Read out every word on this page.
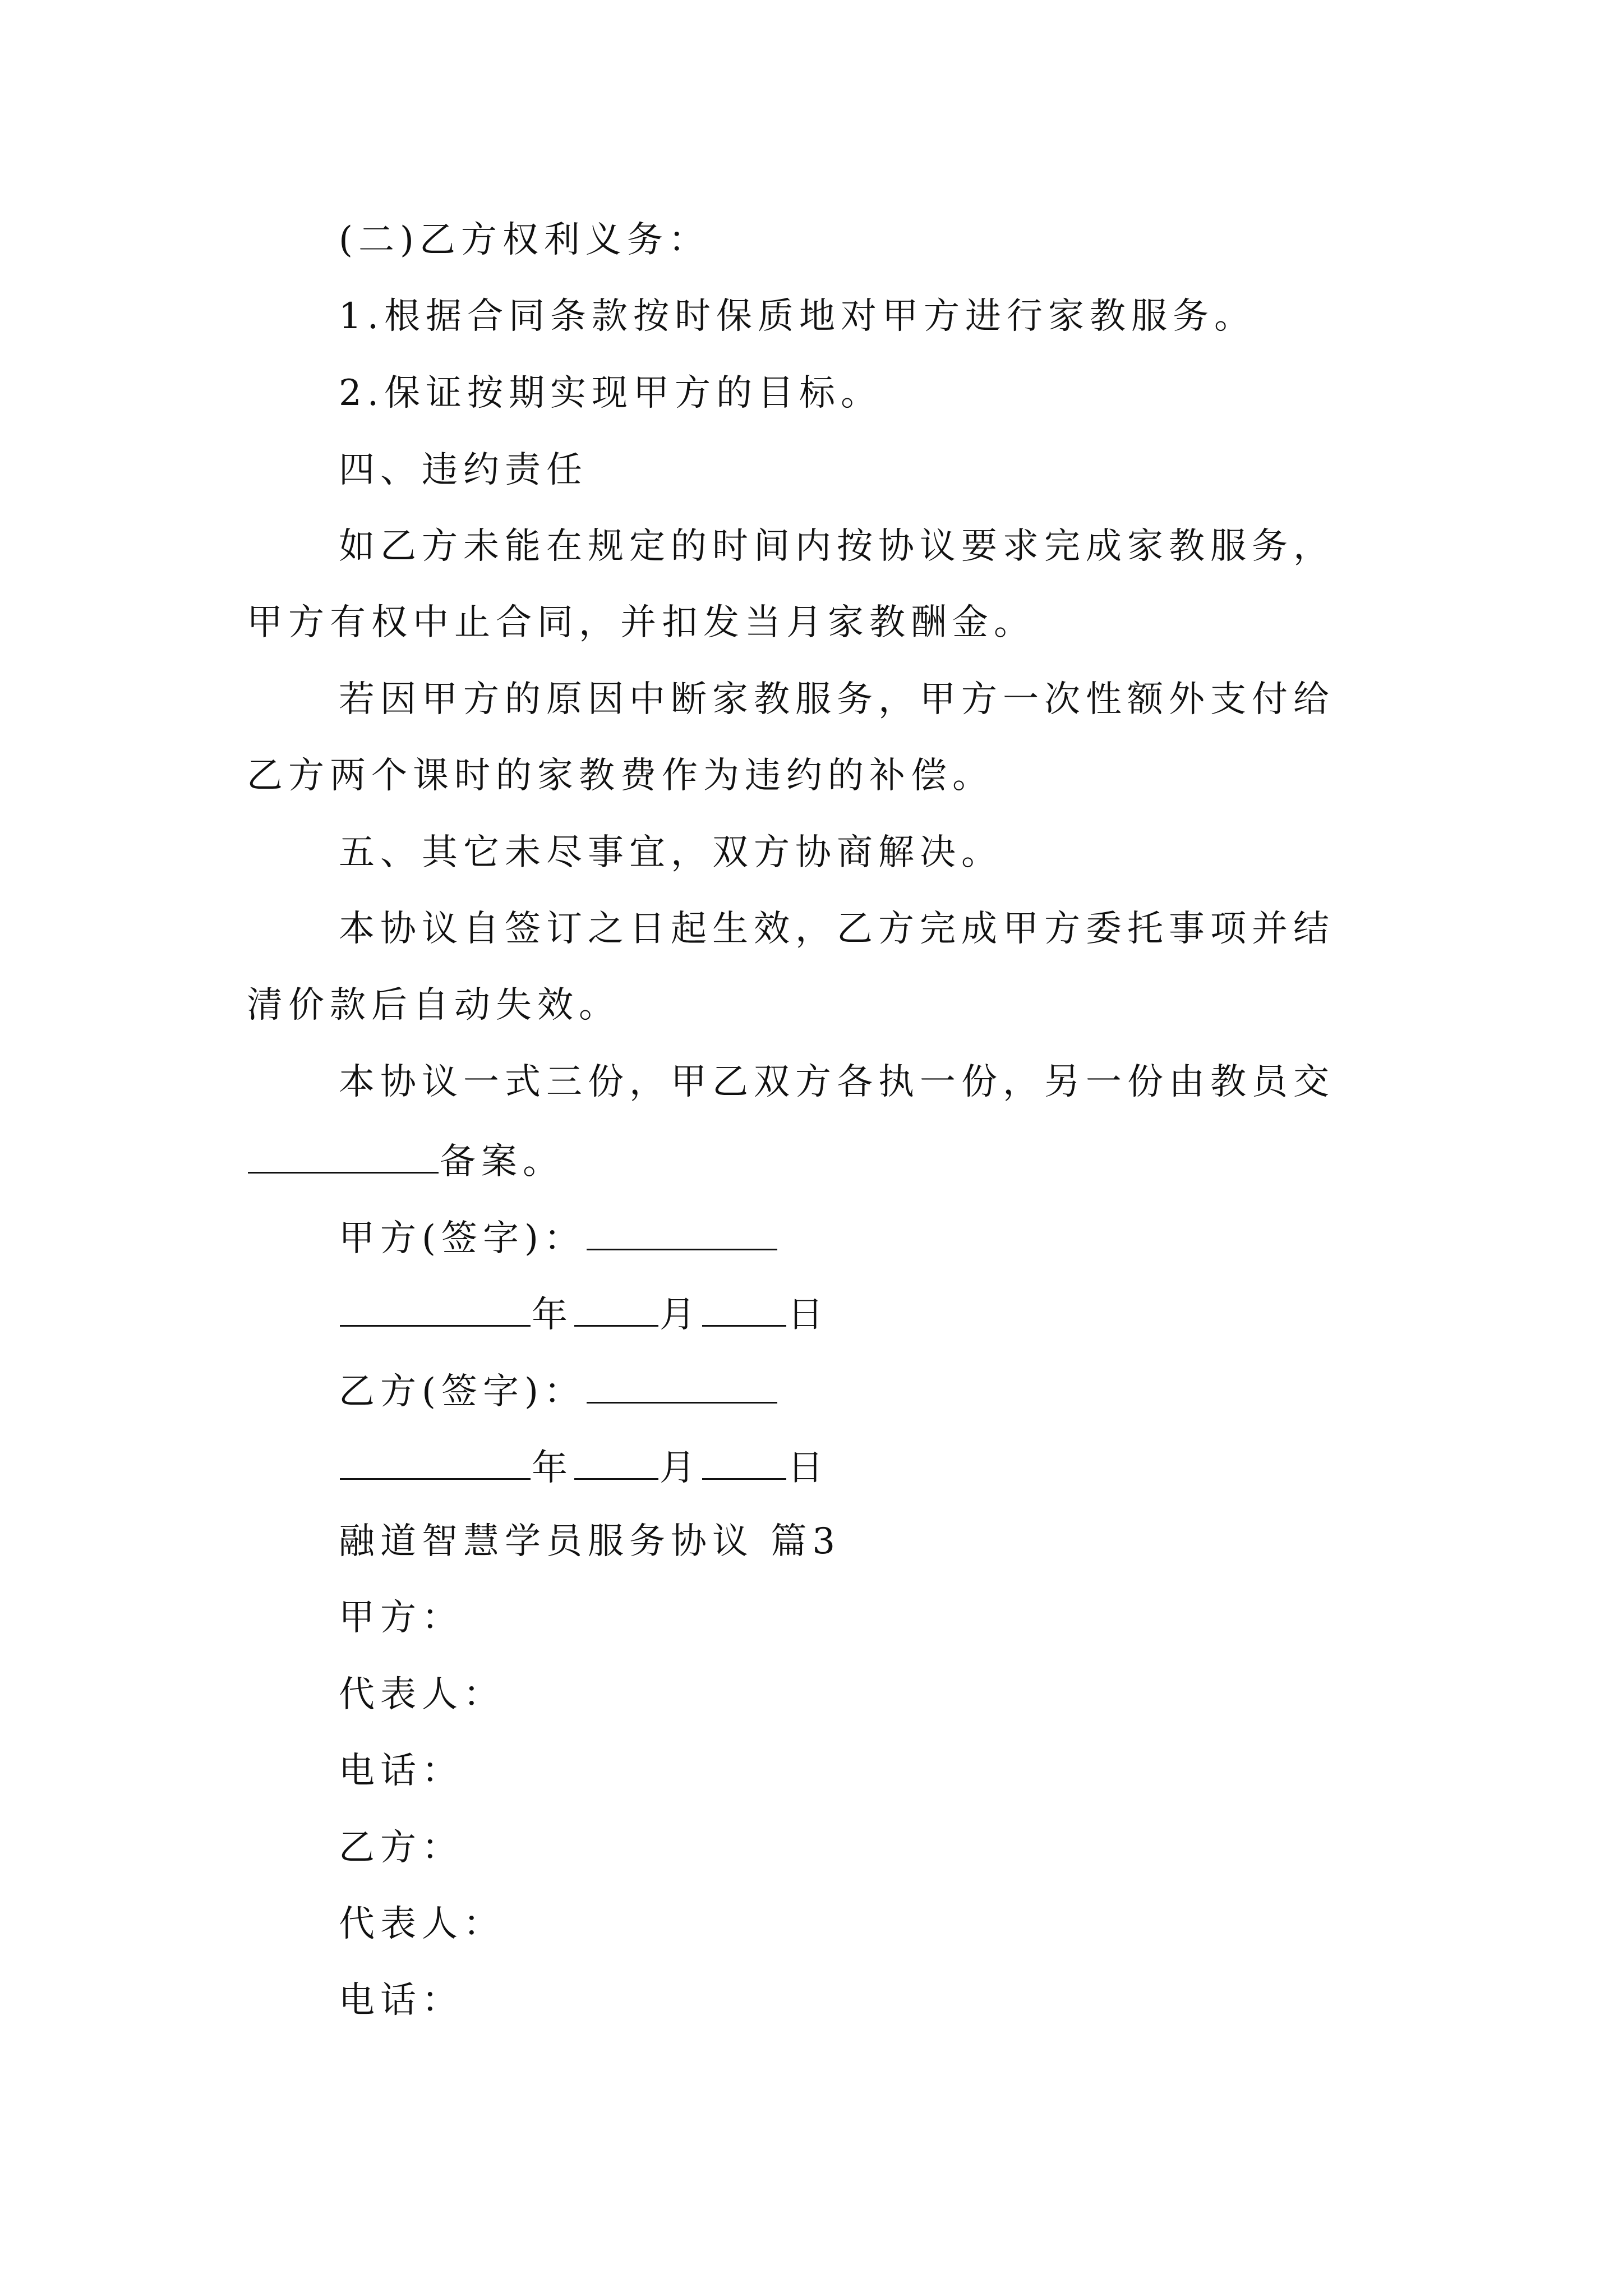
(二)乙方权利义务：
1.根据合同条款按时保质地对甲方进行家教服务。
2.保证按期实现甲方的目标。
四、违约责任
如乙方未能在规定的时间内按协议要求完成家教服务，
甲方有权中止合同，并扣发当月家教酬金。
若因甲方的原因中断家教服务，甲方一次性额外支付给
乙方两个课时的家教费作为违约的补偿。
五、其它未尽事宜，双方协商解决。
本协议自签订之日起生效，乙方完成甲方委托事项并结
清价款后自动失效。
本协议一式三份，甲乙双方各执一份，另一份由教员交
备案。
甲方(签字)：
年 月 日
乙方(签字)：
年 月 日
融道智慧学员服务协议 篇3
甲方：
代表人：
电话：
乙方：
代表人：
电话：
